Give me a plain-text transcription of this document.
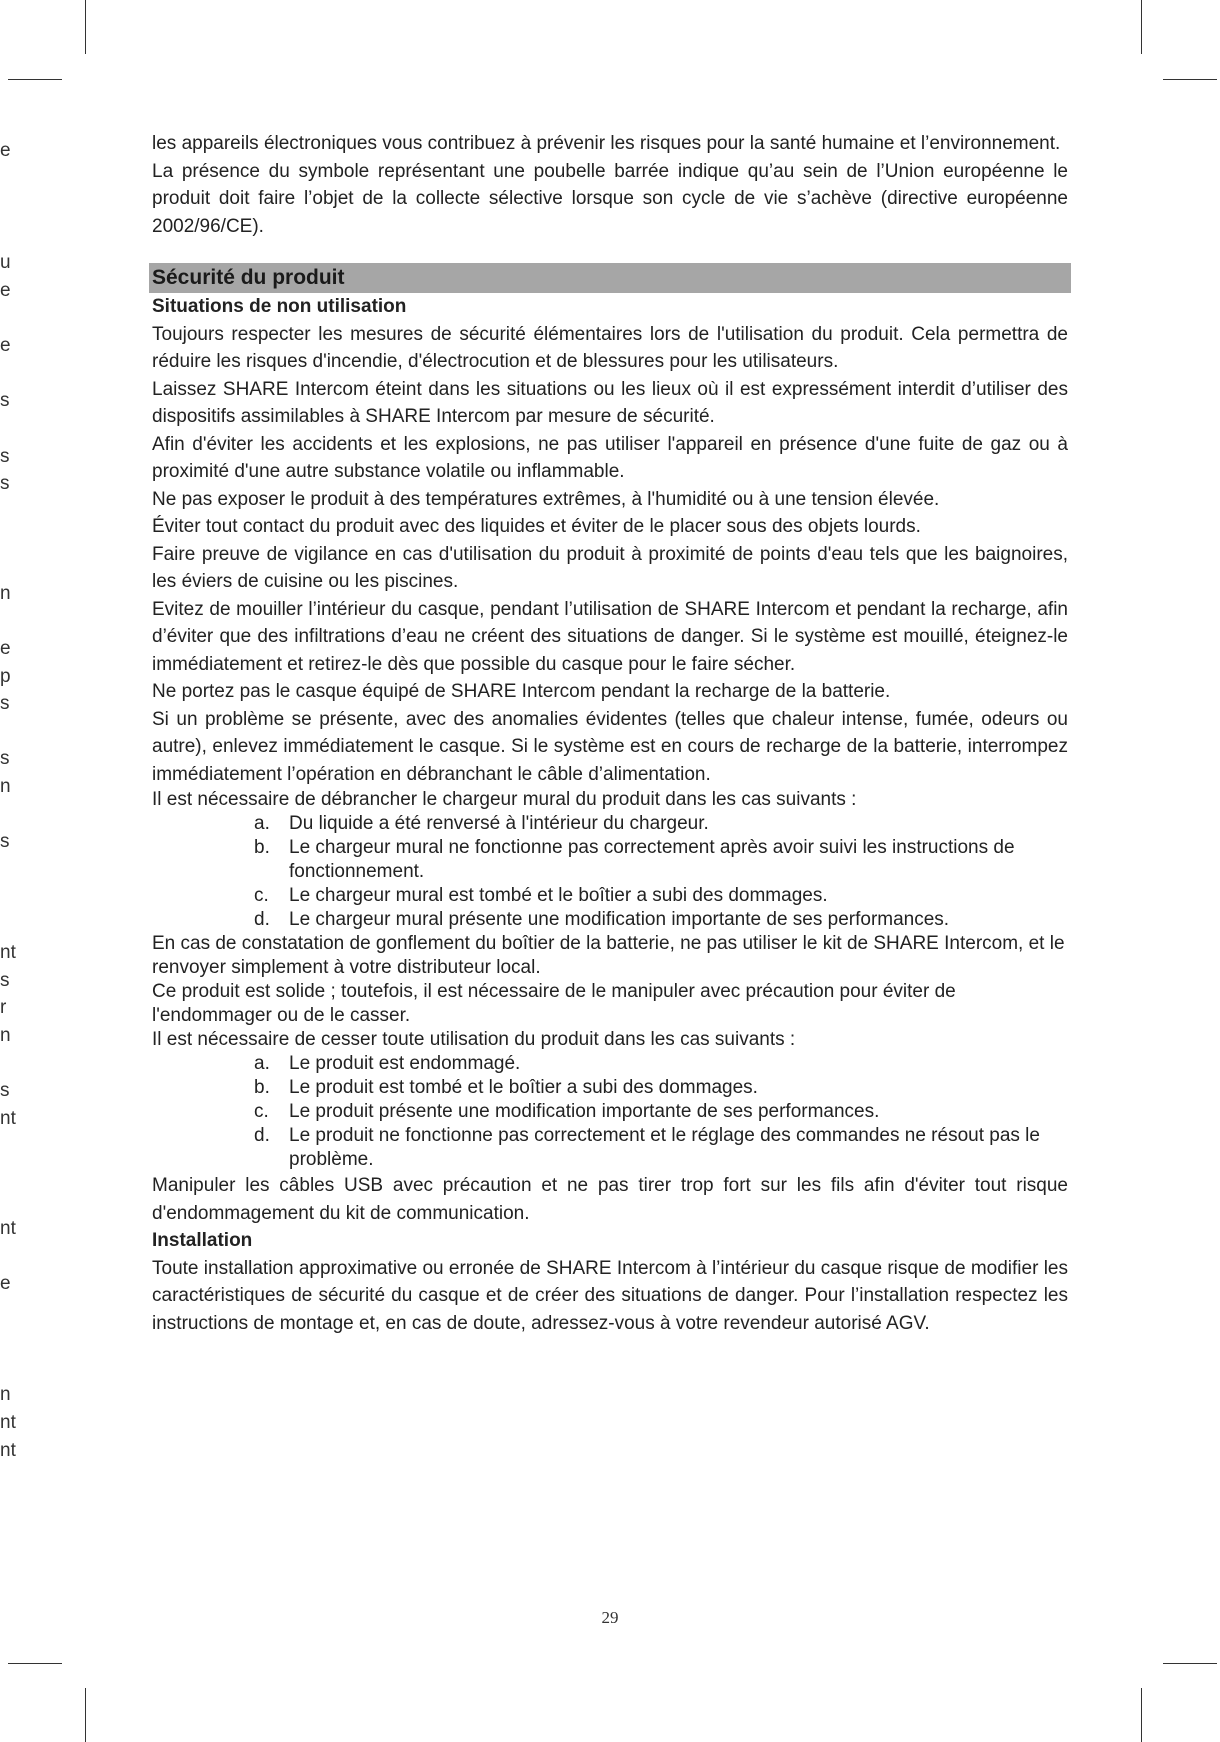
e
u
e
e
s
s
s
n
e
p
s
s
n
s
nt
s
r
n
s
nt
nt
e
n
nt
nt

les appareils électroniques vous contribuez à prévenir les risques pour la santé humaine et l’environnement.

La présence du symbole représentant une poubelle barrée indique qu’au sein de l’Union européenne le produit doit faire l’objet de la collecte sélective lorsque son cycle de vie s’achève (directive européenne 2002/96/CE).

Sécurité du produit

Situations de non utilisation

Toujours respecter les mesures de sécurité élémentaires lors de l'utilisation du produit. Cela permettra de réduire les risques d'incendie, d'électrocution et de blessures pour les utilisateurs.

Laissez SHARE Intercom éteint dans les situations ou les lieux où il est expressément interdit d’utiliser des dispositifs assimilables à SHARE Intercom par mesure de sécurité.

Afin d'éviter les accidents et les explosions, ne pas utiliser l'appareil en présence d'une fuite de gaz ou à proximité d'une autre substance volatile ou inflammable.

Ne pas exposer le produit à des températures extrêmes, à l'humidité ou à une tension élevée.

Éviter tout contact du produit avec des liquides et éviter de le placer sous des objets lourds.

Faire preuve de vigilance en cas d'utilisation du produit à proximité de points d'eau tels que les baignoires, les éviers de cuisine ou les piscines.

Evitez de mouiller l’intérieur du casque, pendant l’utilisation de SHARE Intercom et pendant la recharge, afin d’éviter que des infiltrations d’eau ne créent des situations de danger. Si le système est mouillé, éteignez-le immédiatement et retirez-le dès que possible du casque pour le faire sécher.

Ne portez pas le casque équipé de SHARE Intercom pendant la recharge de la batterie.

Si un problème se présente, avec des anomalies évidentes (telles que chaleur intense, fumée, odeurs ou autre), enlevez immédiatement le casque. Si le système est en cours de recharge de la batterie, interrompez immédiatement l’opération en débranchant le câble d’alimentation.

Il est nécessaire de débrancher le chargeur mural du produit dans les cas suivants :

a. Du liquide a été renversé à l'intérieur du chargeur.

b. Le chargeur mural ne fonctionne pas correctement après avoir suivi les instructions de fonctionnement.

c. Le chargeur mural est tombé et le boîtier a subi des dommages.

d. Le chargeur mural présente une modification importante de ses performances.

En cas de constatation de gonflement du boîtier de la batterie, ne pas utiliser le kit de SHARE Intercom, et le renvoyer simplement à votre distributeur local.

Ce produit est solide ; toutefois, il est nécessaire de le manipuler avec précaution pour éviter de l'endommager ou de le casser.

Il est nécessaire de cesser toute utilisation du produit dans les cas suivants :

a. Le produit est endommagé.

b. Le produit est tombé et le boîtier a subi des dommages.

c. Le produit présente une modification importante de ses performances.

d. Le produit ne fonctionne pas correctement et le réglage des commandes ne résout pas le problème.

Manipuler les câbles USB avec précaution et ne pas tirer trop fort sur les fils afin d'éviter tout risque d'endommagement du kit de communication.

Installation

Toute installation approximative ou erronée de SHARE Intercom à l’intérieur du casque risque de modifier les caractéristiques de sécurité du casque et de créer des situations de danger. Pour l’installation respectez les instructions de montage et, en cas de doute, adressez-vous à votre revendeur autorisé AGV.

29
